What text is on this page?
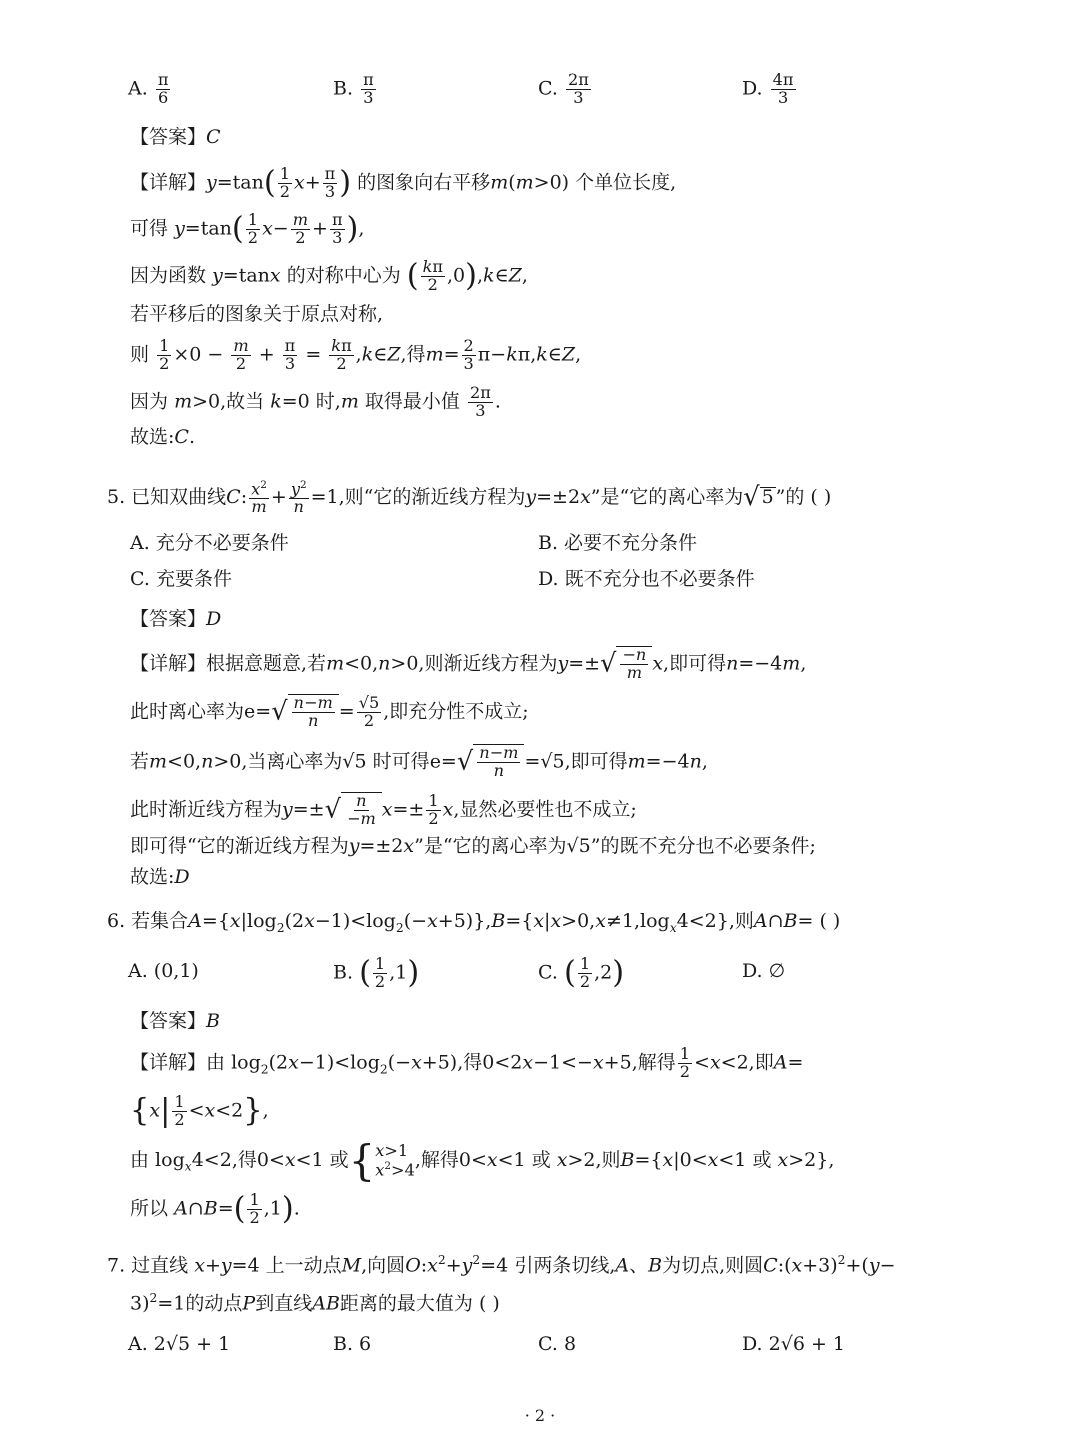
A. $\frac{\pi}{6}$	B. $\frac{\pi}{3}$	C. $\frac{2\pi}{3}$	D. $\frac{4\pi}{3}$
【答案】C
【详解】$y=\tan( \frac{1}{2} x+ \frac{\pi}{3}$ ) 的图象向右平移m(m>0) 个单位长度,
可得 $y=\tan( \frac{1}{2} x- \frac{m}{2} + \frac{\pi}{3}$ ),
因为函数 y=tanx 的对称中心为 ( $\frac{k\pi}{2}$ ,0),k∈Z,
若平移后的图象关于原点对称,
则 $\frac{1}{2} \times 0 - \frac{m}{2} + \frac{\pi}{3} = \frac{k\pi}{2}$ ,k∈Z,得$m= \frac{2}{3}$ π−kπ,k∈Z,
因为 m>0,故当 k=0 时,m 取得最小值 $\frac{2\pi}{3}$ .
故选:C.
5. 已知双曲线C: $\frac{x^2}{m} + \frac{y^2}{n} =1$,则“它的渐近线方程为y=±2x”是“它的离心率为√ 5 ”的 ( )
A. 充分不必要条件	B. 必要不充分条件
C. 充要条件	D. 既不充分也不必要条件
【答案】D
【详解】根据意题意,若m<0,n>0,则渐近线方程为$y=\pm√ \frac{-n}{m} x$,即可得n=−4m,
此时离心率为$e=√ \frac{n-m}{n} = \frac{√5}{2}$ ,即充分性不成立;
若m<0,n>0,当离心率为√5 时可得$e=√ \frac{n-m}{n} =√5$,即可得m=−4n,
此时渐近线方程为$y=\pm√ \frac{n}{-m} x=\pm \frac{1}{2} x$,显然必要性也不成立;
即可得“它的渐近线方程为y=±2x”是“它的离心率为√5”的既不充分也不必要条件;
故选:D
6. 若集合$A=\{x|\log_2(2x-1)<\log_2(-x+5)\},B=\{x|x>0,x\ne 1,\log_x4<2\}$,则A∩B= ( )
A. (0,1)	B. ( $\frac{1}{2} ,1$)	C. ( $\frac{1}{2} ,2$)	D. ∅
【答案】B
【详解】由 $\log_2(2x-1)<\log_2(-x+5)$,得0<2x−1<−x+5,解得 $\frac{1}{2} <x<2$,即A=
$\{x| \frac{1}{2} <x<2\}$,
由 $\log_x4<2$,得0<x<1 或 { x>1
$x^2>4$ ,解得0<x<1 或 x>2,则B={x|0<x<1 或 x>2},
所以 A∩B=( $\frac{1}{2} ,1$).
7. 过直线 x+y=4 上一动点M,向圆$O:x^2+y^2=4$ 引两条切线,A、B为切点,则圆$C:(x+3)^2+(y-$
3)$^2$=1的动点P到直线AB距离的最大值为 ( )
A. 2√5 + 1	B. 6	C. 8	D. 2√6 + 1
· 2 ·
